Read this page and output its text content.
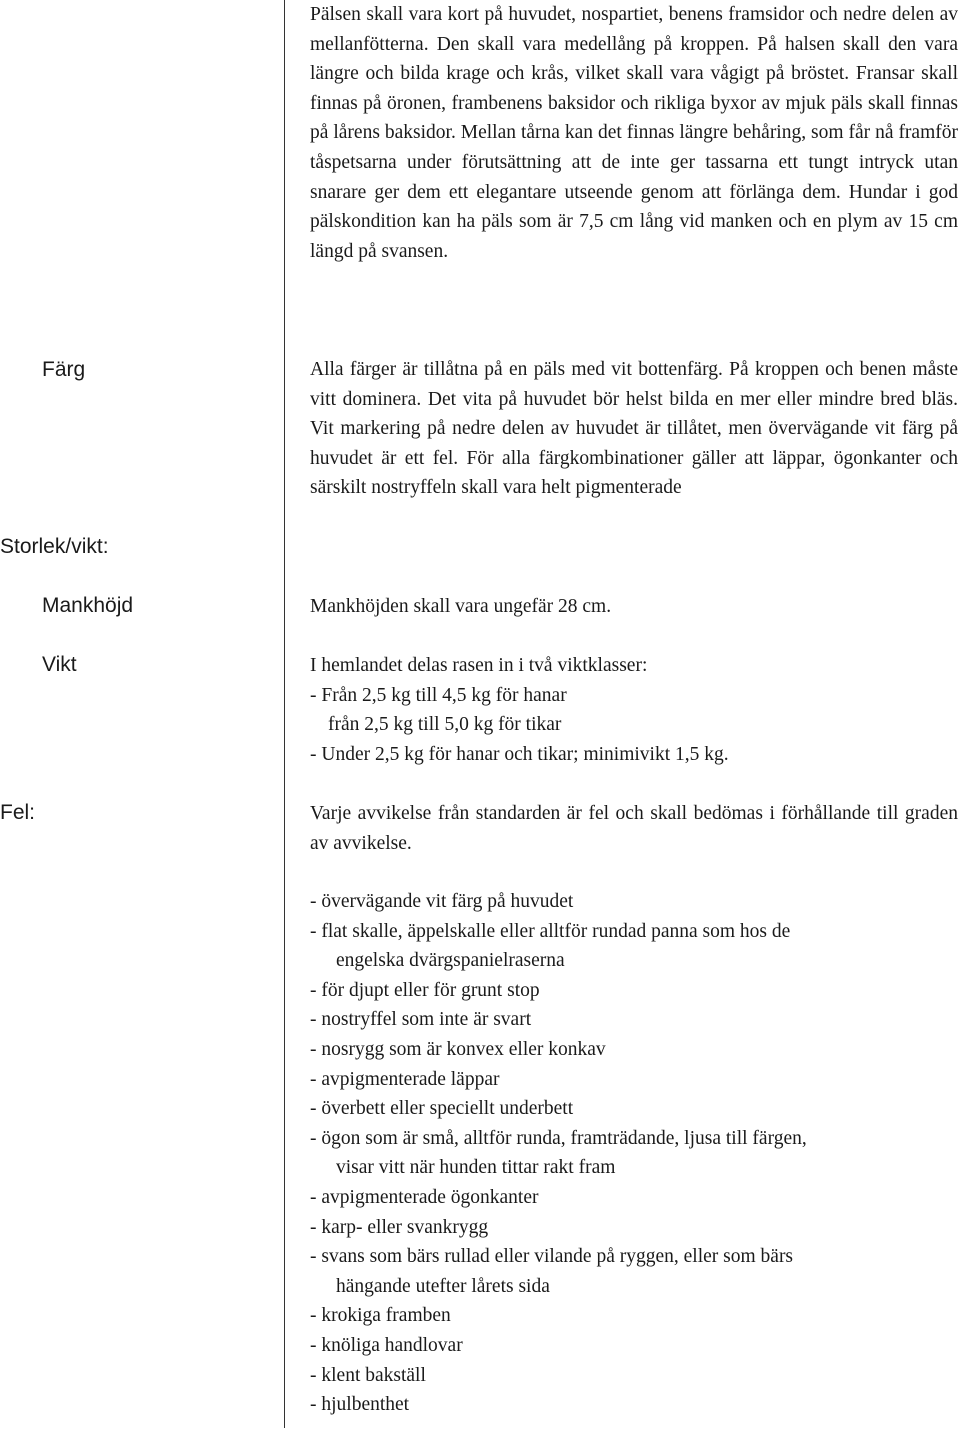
Färg
Storlek/vikt:
Mankhöjd
Vikt
Fel:

Pälsen skall vara kort på huvudet, nospartiet, benens framsidor och nedre delen av mellanfötterna. Den skall vara medellång på kroppen. På halsen skall den vara längre och bilda krage och krås, vilket skall vara vågigt på bröstet. Fransar skall finnas på öronen, frambenens baksidor och rikliga byxor av mjuk päls skall finnas på lårens baksidor. Mellan tårna kan det finnas längre behåring, som får nå framför tåspetsarna under förutsättning att de inte ger tassarna ett tungt intryck utan snarare ger dem ett elegantare utseende genom att förlänga dem. Hundar i god pälskondition kan ha päls som är 7,5 cm lång vid manken och en plym av 15 cm längd på svansen.

Alla färger är tillåtna på en päls med vit bottenfärg. På kroppen och benen måste vitt dominera. Det vita på huvudet bör helst bilda en mer eller mindre bred bläs. Vit markering på nedre delen av huvudet är tillåtet, men övervägande vit färg på huvudet är ett fel. För alla färgkombinationer gäller att läppar, ögonkanter och särskilt nostryffeln skall vara helt pigmenterade

Mankhöjden skall vara ungefär 28 cm.
I hemlandet delas rasen in i två viktklasser:
- Från 2,5 kg till 4,5 kg för hanar
från 2,5 kg till 5,0 kg för tikar
- Under 2,5 kg för hanar och tikar; minimivikt 1,5 kg.

Varje avvikelse från standarden är fel och skall bedömas i förhållande till graden av avvikelse.

- övervägande vit färg på huvudet
- flat skalle, äppelskalle eller alltför rundad panna som hos de
engelska dvärgspanielraserna
- för djupt eller för grunt stop
- nostryffel som inte är svart
- nosrygg som är konvex eller konkav
- avpigmenterade läppar
- överbett eller speciellt underbett
- ögon som är små, alltför runda, framträdande, ljusa till färgen,
visar vitt när hunden tittar rakt fram
- avpigmenterade ögonkanter
- karp- eller svankrygg
- svans som bärs rullad eller vilande på ryggen, eller som bärs
hängande utefter lårets sida
- krokiga framben
- knöliga handlovar
- klent bakställ
- hjulbenthet
